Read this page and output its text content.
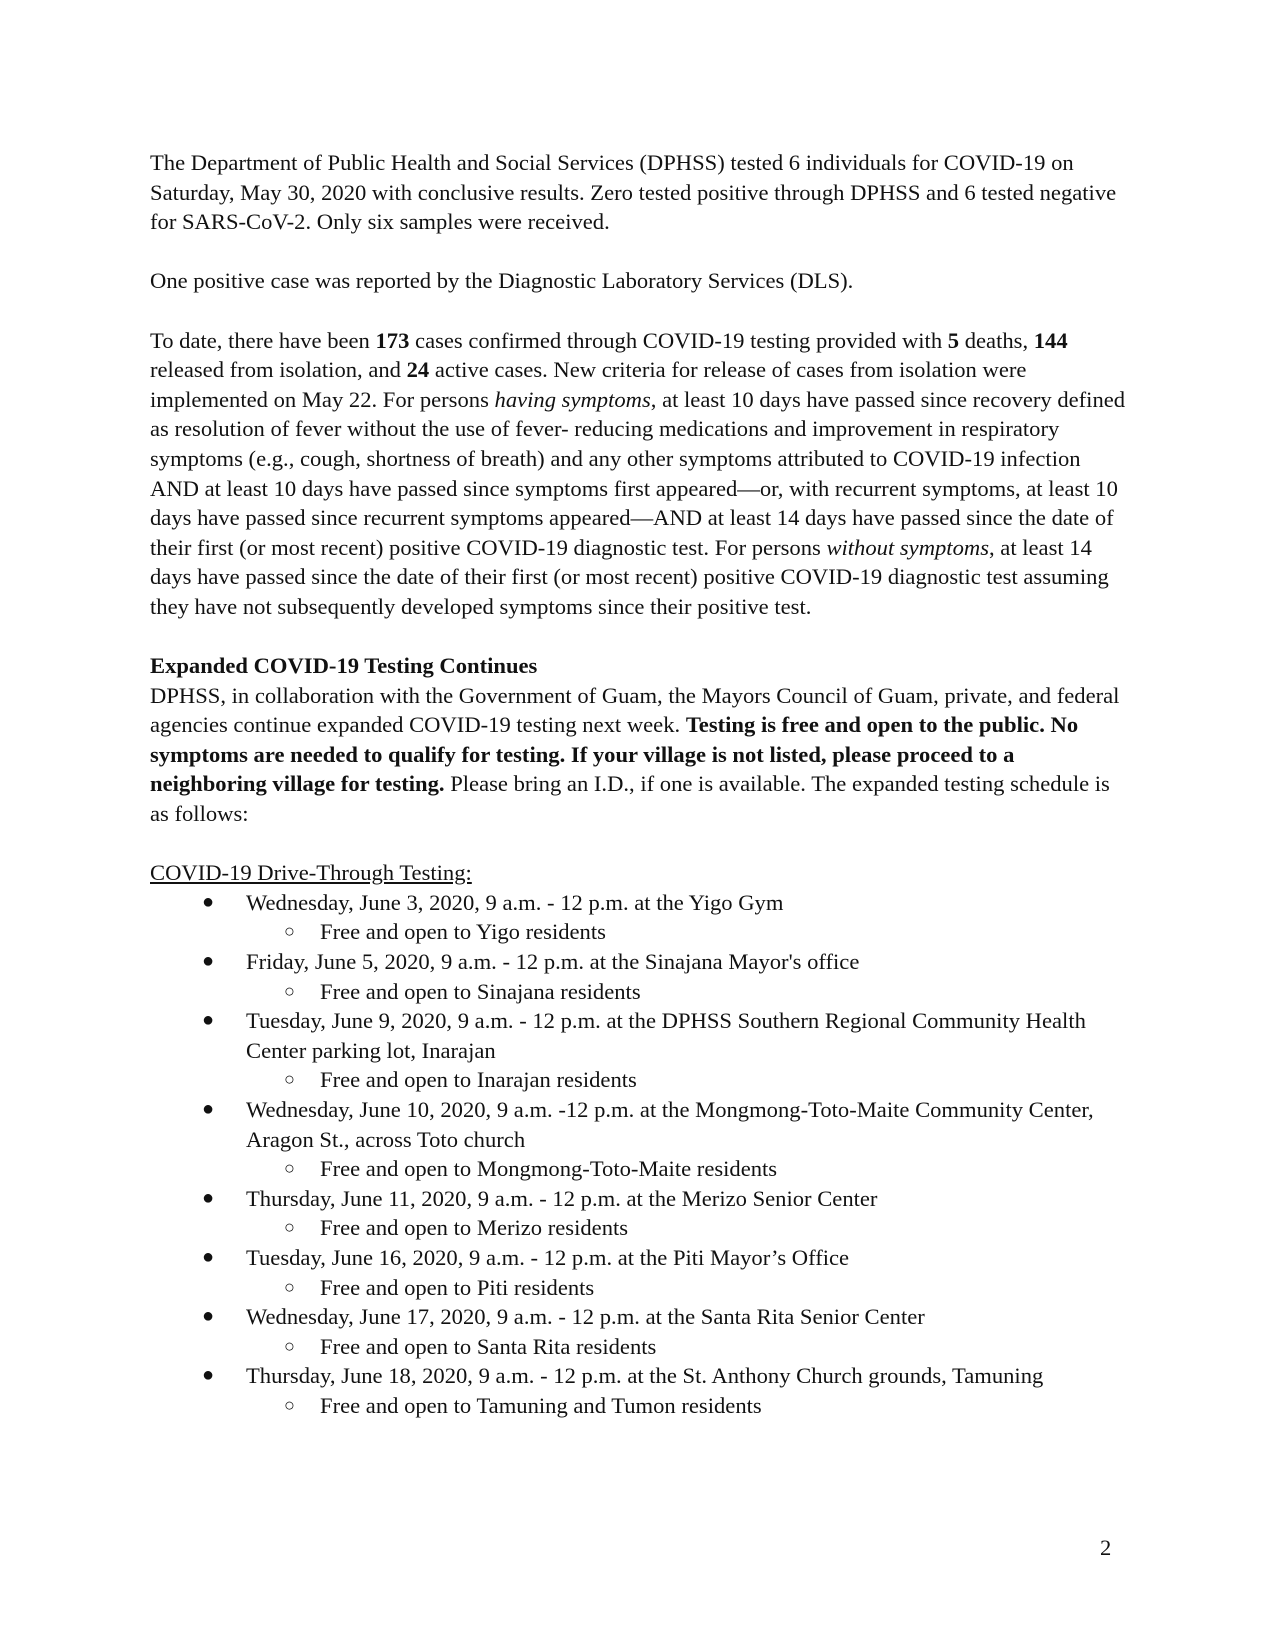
The Department of Public Health and Social Services (DPHSS) tested 6 individuals for COVID-19 on Saturday, May 30, 2020 with conclusive results. Zero tested positive through DPHSS and 6 tested negative for SARS-CoV-2. Only six samples were received.

One positive case was reported by the Diagnostic Laboratory Services (DLS).

To date, there have been 173 cases confirmed through COVID-19 testing provided with 5 deaths, 144 released from isolation, and 24 active cases. New criteria for release of cases from isolation were implemented on May 22. For persons having symptoms, at least 10 days have passed since recovery defined as resolution of fever without the use of fever- reducing medications and improvement in respiratory symptoms (e.g., cough, shortness of breath) and any other symptoms attributed to COVID-19 infection AND at least 10 days have passed since symptoms first appeared—or, with recurrent symptoms, at least 10 days have passed since recurrent symptoms appeared—AND at least 14 days have passed since the date of their first (or most recent) positive COVID-19 diagnostic test. For persons without symptoms, at least 14 days have passed since the date of their first (or most recent) positive COVID-19 diagnostic test assuming they have not subsequently developed symptoms since their positive test.

Expanded COVID-19 Testing Continues

DPHSS, in collaboration with the Government of Guam, the Mayors Council of Guam, private, and federal agencies continue expanded COVID-19 testing next week. Testing is free and open to the public. No symptoms are needed to qualify for testing. If your village is not listed, please proceed to a neighboring village for testing. Please bring an I.D., if one is available. The expanded testing schedule is as follows:

COVID-19 Drive-Through Testing:

● Wednesday, June 3, 2020, 9 a.m. - 12 p.m. at the Yigo Gym
○ Free and open to Yigo residents
● Friday, June 5, 2020, 9 a.m. - 12 p.m. at the Sinajana Mayor's office
○ Free and open to Sinajana residents
● Tuesday, June 9, 2020, 9 a.m. - 12 p.m. at the DPHSS Southern Regional Community Health Center parking lot, Inarajan
○ Free and open to Inarajan residents
● Wednesday, June 10, 2020, 9 a.m. -12 p.m. at the Mongmong-Toto-Maite Community Center, Aragon St., across Toto church
○ Free and open to Mongmong-Toto-Maite residents
● Thursday, June 11, 2020, 9 a.m. - 12 p.m. at the Merizo Senior Center
○ Free and open to Merizo residents
● Tuesday, June 16, 2020, 9 a.m. - 12 p.m. at the Piti Mayor’s Office
○ Free and open to Piti residents
● Wednesday, June 17, 2020, 9 a.m. - 12 p.m. at the Santa Rita Senior Center
○ Free and open to Santa Rita residents
● Thursday, June 18, 2020, 9 a.m. - 12 p.m. at the St. Anthony Church grounds, Tamuning
○ Free and open to Tamuning and Tumon residents
2
